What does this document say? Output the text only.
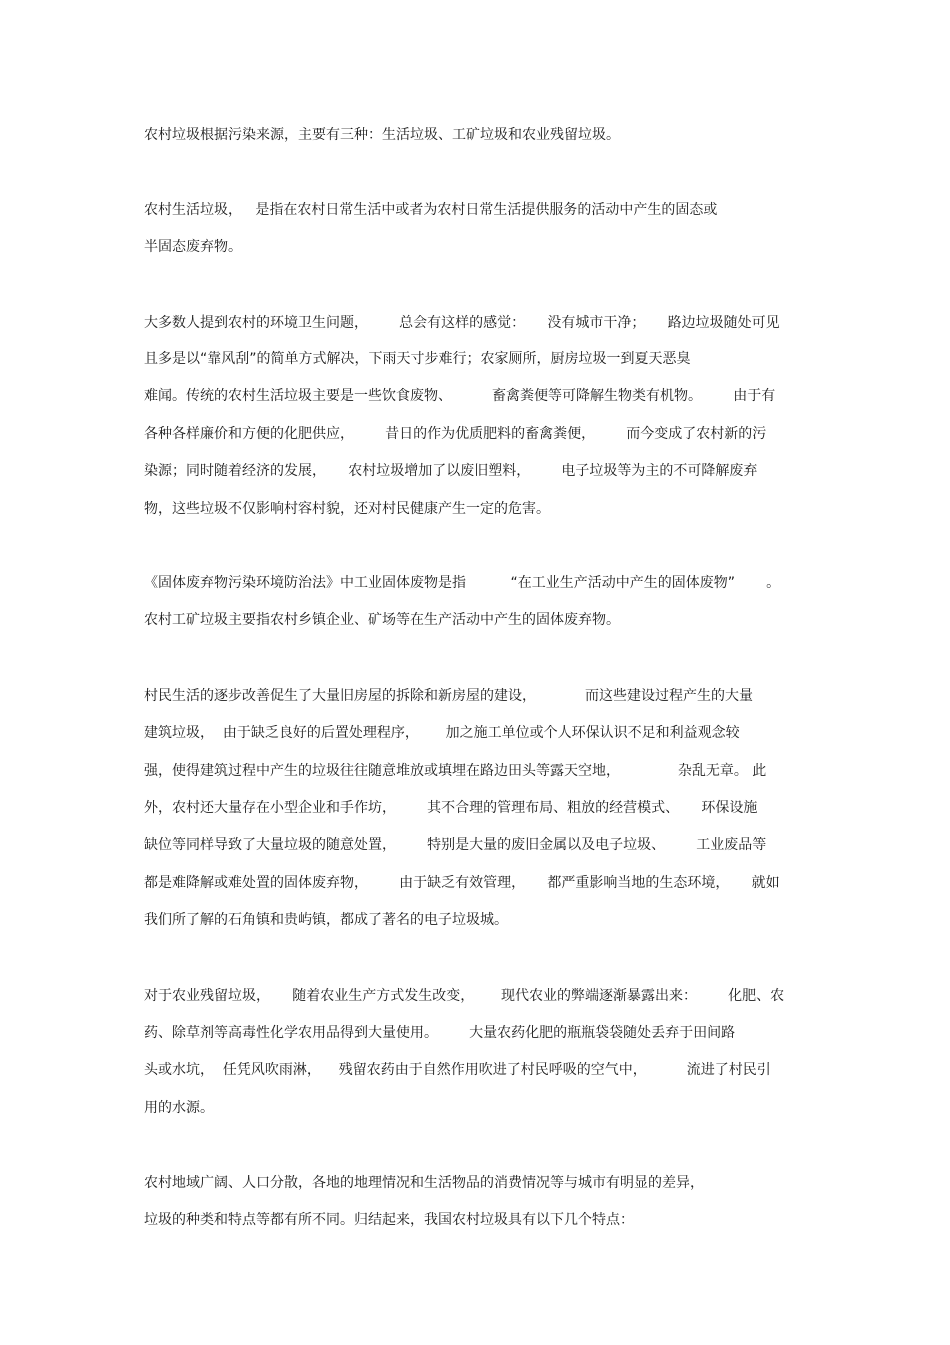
农村垃圾根据污染来源，主要有三种：生活垃圾、工矿垃圾和农业残留垃圾。
农村生活垃圾，   是指在农村日常生活中或者为农村日常生活提供服务的活动中产生的固态或
半固态废弃物。
大多数人提到农村的环境卫生问题，       总会有这样的感觉：     没有城市干净；     路边垃圾随处可见
且多是以“靠风刮”的简单方式解决，下雨天寸步难行；农家厕所，厨房垃圾一到夏天恶臭
难闻。传统的农村生活垃圾主要是一些饮食废物、         畜禽粪便等可降解生物类有机物。       由于有
各种各样廉价和方便的化肥供应，       昔日的作为优质肥料的畜禽粪便，       而今变成了农村新的污
染源；同时随着经济的发展，     农村垃圾增加了以废旧塑料，       电子垃圾等为主的不可降解废弃
物，这些垃圾不仅影响村容村貌，还对村民健康产生一定的危害。
《固体废弃物污染环境防治法》中工业固体废物是指          “在工业生产活动中产生的固体废物”       。
农村工矿垃圾主要指农村乡镇企业、矿场等在生产活动中产生的固体废弃物。
村民生活的逐步改善促生了大量旧房屋的拆除和新房屋的建设，           而这些建设过程产生的大量
建筑垃圾，  由于缺乏良好的后置处理程序，      加之施工单位或个人环保认识不足和利益观念较
强，使得建筑过程中产生的垃圾往往随意堆放或填埋在路边田头等露天空地，             杂乱无章。 此
外，农村还大量存在小型企业和手作坊，       其不合理的管理布局、粗放的经营模式、     环保设施
缺位等同样导致了大量垃圾的随意处置，       特别是大量的废旧金属以及电子垃圾、       工业废品等
都是难降解或难处置的固体废弃物，       由于缺乏有效管理，     都严重影响当地的生态环境，     就如
我们所了解的石角镇和贵屿镇，都成了著名的电子垃圾城。
对于农业残留垃圾，     随着农业生产方式发生改变，      现代农业的弊端逐渐暴露出来：       化肥、农
药、除草剂等高毒性化学农用品得到大量使用。       大量农药化肥的瓶瓶袋袋随处丢弃于田间路
头或水坑，  任凭风吹雨淋，    残留农药由于自然作用吹进了村民呼吸的空气中，         流进了村民引
用的水源。
农村地域广阔、人口分散，各地的地理情况和生活物品的消费情况等与城市有明显的差异，
垃圾的种类和特点等都有所不同。归结起来，我国农村垃圾具有以下几个特点：
